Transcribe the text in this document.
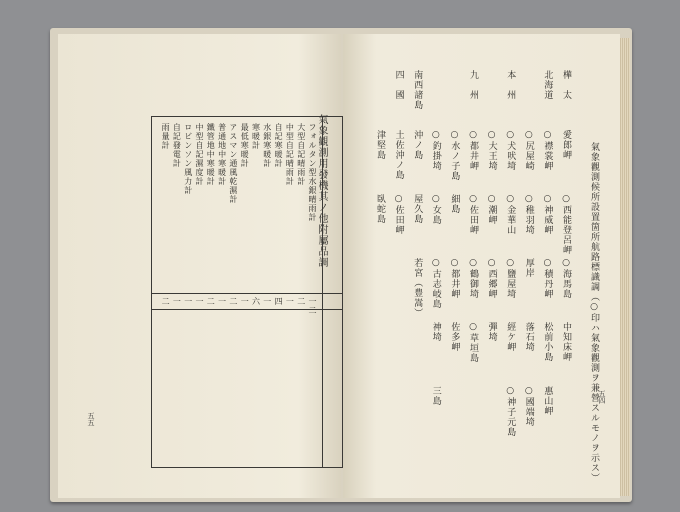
氣象觀測用發機其ノ他附屬品調
フォルタン型水銀晴雨計
一二
大型自記晴雨計
二
中型自記晴雨計
一
自記寒暖計
四
水銀寒暖計
一
寒暖計
六
最低寒暖計
一
アスマン通風乾濕計
二
普通地中寒暖計
一
鐵管地中寒暖計
二
中型自記濕度計
一
ロビンソン風力計
一
自記發電計
一
雨量計
二
五五	氣象觀測候所設置箇所航路標識調（○印ハ氣象觀測ヲ兼營スルモノヲ示ス）
樺　太
愛郎岬
○西能登呂岬
○海馬島
中知床岬
北海道
○襟裳岬
○神威岬
○積丹岬
松前小島
惠山岬
○尻屋崎
○稚羽埼
厚岸
落石埼
○國端埼
本　州
○犬吠埼
○金華山
○鹽屋埼
經ケ岬
○神子元島
○大王埼
○潮岬
○西郷岬
彈埼
九　州
○都井岬
○佐田岬
○鶴御埼
○草垣島
○水ノ子島
細島
○都井岬
佐多岬
○釣掛埼
○女島
○古志岐島
神埼
三島
南西諸島
沖ノ島
屋久島
若宮（豊嵩）
四　國
土佐沖ノ島
○佐田岬
津堅島
臥蛇島
五四
